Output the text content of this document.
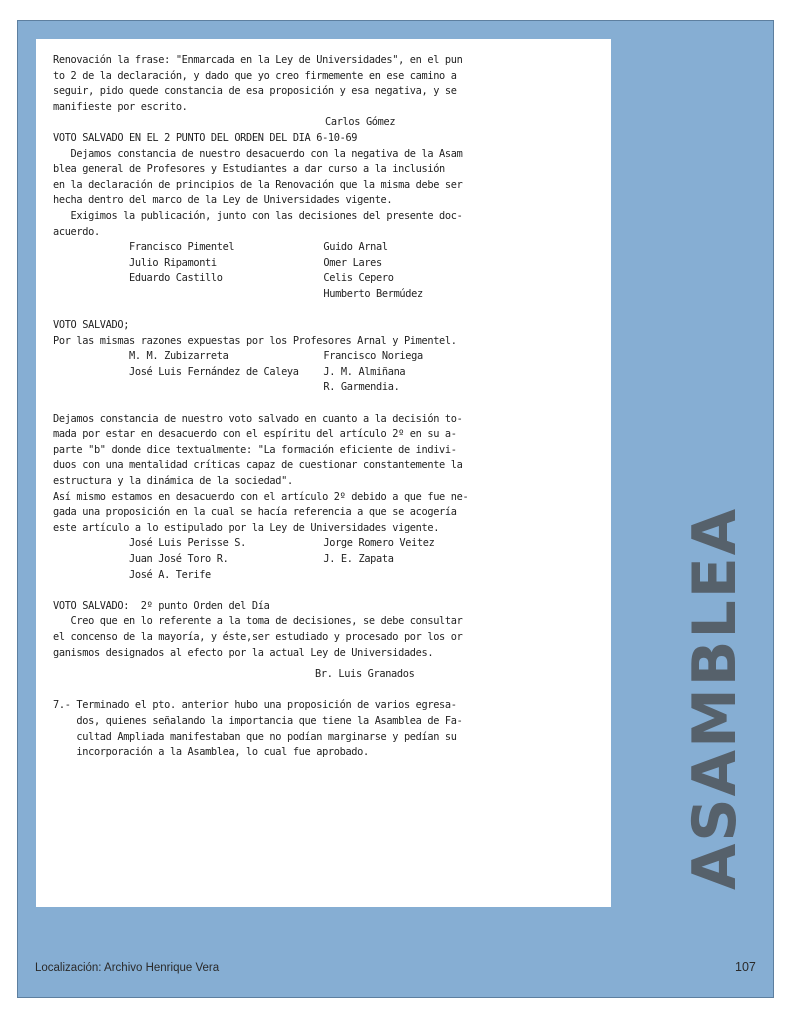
Renovación la frase: "Enmarcada en la Ley de Universidades", en el pun
to 2 de la declaración, y dado que yo creo firmemente en ese camino a
seguir, pido quede constancia de esa proposición y esa negativa, y se
manifieste por escrito.
Carlos Gómez
VOTO SALVADO EN EL 2 PUNTO DEL ORDEN DEL DIA 6-10-69
Dejamos constancia de nuestro desacuerdo con la negativa de la Asam
blea general de Profesores y Estudiantes a dar curso a la inclusión
en la declaración de principios de la Renovación que la misma debe ser
hecha dentro del marco de la Ley de Universidades vigente.
Exigimos la publicación, junto con las decisiones del presente doc-
acuerdo.
Francisco Pimentel
Julio Ripamonti
Eduardo Castillo
Guido Arnal
Omer Lares
Celis Cepero
Humberto Bermúdez
VOTO SALVADO;
Por las mismas razones expuestas por los Profesores Arnal y Pimentel.
M. M. Zubizarreta
José Luis Fernández de Caleya
Francisco Noriega
J. M. Almiñana
R. Garmendia.
Dejamos constancia de nuestro voto salvado en cuanto a la decisión to-
mada por estar en desacuerdo con el espíritu del artículo 2º en su a-
parte "b" donde dice textualmente: "La formación eficiente de indivi-
duos con una mentalidad críticas capaz de cuestionar constantemente la
estructura y la dinámica de la sociedad".
Así mismo estamos en desacuerdo con el artículo 2º debido a que fue ne-
gada una proposición en la cual se hacía referencia a que se acogería
este artículo a lo estipulado por la Ley de Universidades vigente.
José Luis Perisse S.
Juan José Toro R.
José A. Terife
Jorge Romero Veitez
J. E. Zapata
VOTO SALVADO:  2º punto Orden del Día
Creo que en lo referente a la toma de decisiones, se debe consultar
el concenso de la mayoría, y éste,ser estudiado y procesado por los or
ganismos designados al efecto por la actual Ley de Universidades.
Br. Luis Granados
7.- Terminado el pto. anterior hubo una proposición de varios egresa-
dos, quienes señalando la importancia que tiene la Asamblea de Fa-
cultad Ampliada manifestaban que no podían marginarse y pedían su
incorporación a la Asamblea, lo cual fue aprobado.	ASAMBLEA
Localización: Archivo Henrique Vera	107
